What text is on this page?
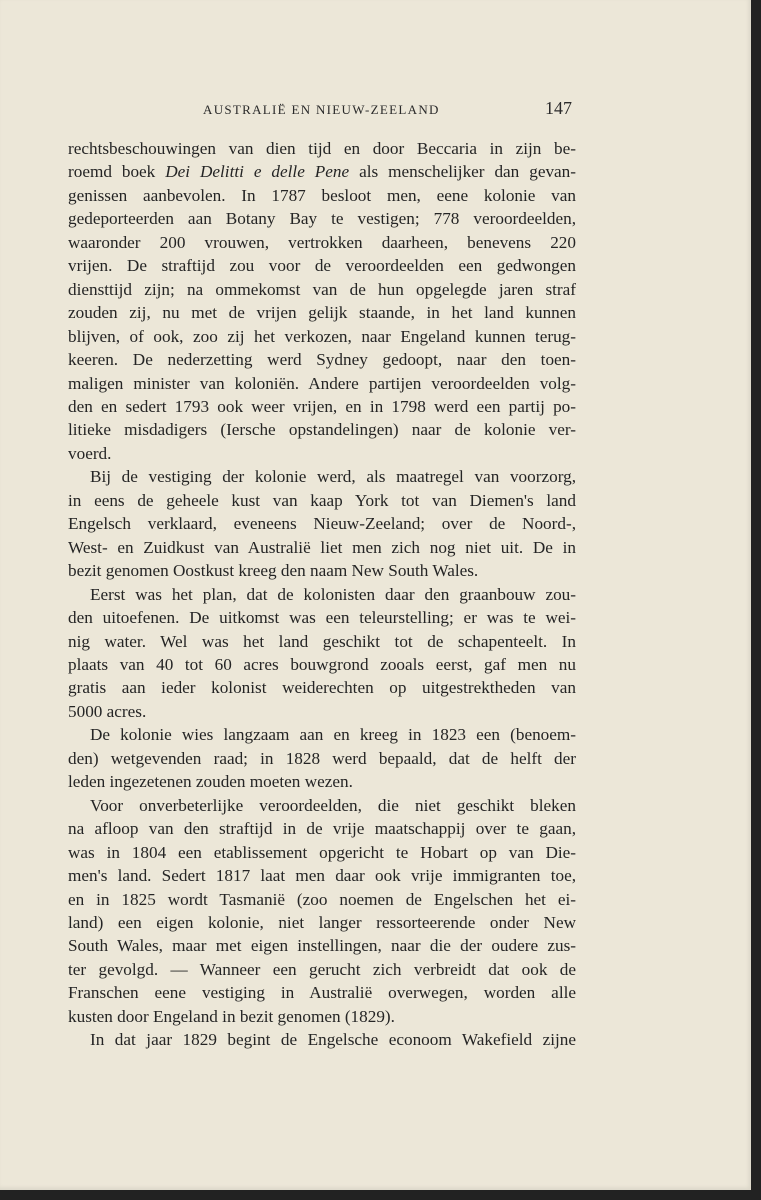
AUSTRALIË EN NIEUW-ZEELAND	147
rechtsbeschouwingen van dien tijd en door Beccaria in zijn be-
roemd boek Dei Delitti e delle Pene als menschelijker dan gevan-
genissen aanbevolen. In 1787 besloot men, eene kolonie van
gedeporteerden aan Botany Bay te vestigen; 778 veroordeelden,
waaronder 200 vrouwen, vertrokken daarheen, benevens 220
vrijen. De straftijd zou voor de veroordeelden een gedwongen
diensttijd zijn; na ommekomst van de hun opgelegde jaren straf
zouden zij, nu met de vrijen gelijk staande, in het land kunnen
blijven, of ook, zoo zij het verkozen, naar Engeland kunnen terug-
keeren. De nederzetting werd Sydney gedoopt, naar den toen-
maligen minister van koloniën. Andere partijen veroordeelden volg-
den en sedert 1793 ook weer vrijen, en in 1798 werd een partij po-
litieke misdadigers (Iersche opstandelingen) naar de kolonie ver-
voerd.
Bij de vestiging der kolonie werd, als maatregel van voorzorg,
in eens de geheele kust van kaap York tot van Diemen's land
Engelsch verklaard, eveneens Nieuw-Zeeland; over de Noord-,
West- en Zuidkust van Australië liet men zich nog niet uit. De in
bezit genomen Oostkust kreeg den naam New South Wales.
Eerst was het plan, dat de kolonisten daar den graanbouw zou-
den uitoefenen. De uitkomst was een teleurstelling; er was te wei-
nig water. Wel was het land geschikt tot de schapenteelt. In
plaats van 40 tot 60 acres bouwgrond zooals eerst, gaf men nu
gratis aan ieder kolonist weiderechten op uitgestrektheden van
5000 acres.
De kolonie wies langzaam aan en kreeg in 1823 een (benoem-
den) wetgevenden raad; in 1828 werd bepaald, dat de helft der
leden ingezetenen zouden moeten wezen.
Voor onverbeterlijke veroordeelden, die niet geschikt bleken
na afloop van den straftijd in de vrije maatschappij over te gaan,
was in 1804 een etablissement opgericht te Hobart op van Die-
men's land. Sedert 1817 laat men daar ook vrije immigranten toe,
en in 1825 wordt Tasmanië (zoo noemen de Engelschen het ei-
land) een eigen kolonie, niet langer ressorteerende onder New
South Wales, maar met eigen instellingen, naar die der oudere zus-
ter gevolgd. — Wanneer een gerucht zich verbreidt dat ook de
Franschen eene vestiging in Australië overwegen, worden alle
kusten door Engeland in bezit genomen (1829).
In dat jaar 1829 begint de Engelsche econoom Wakefield zijne
